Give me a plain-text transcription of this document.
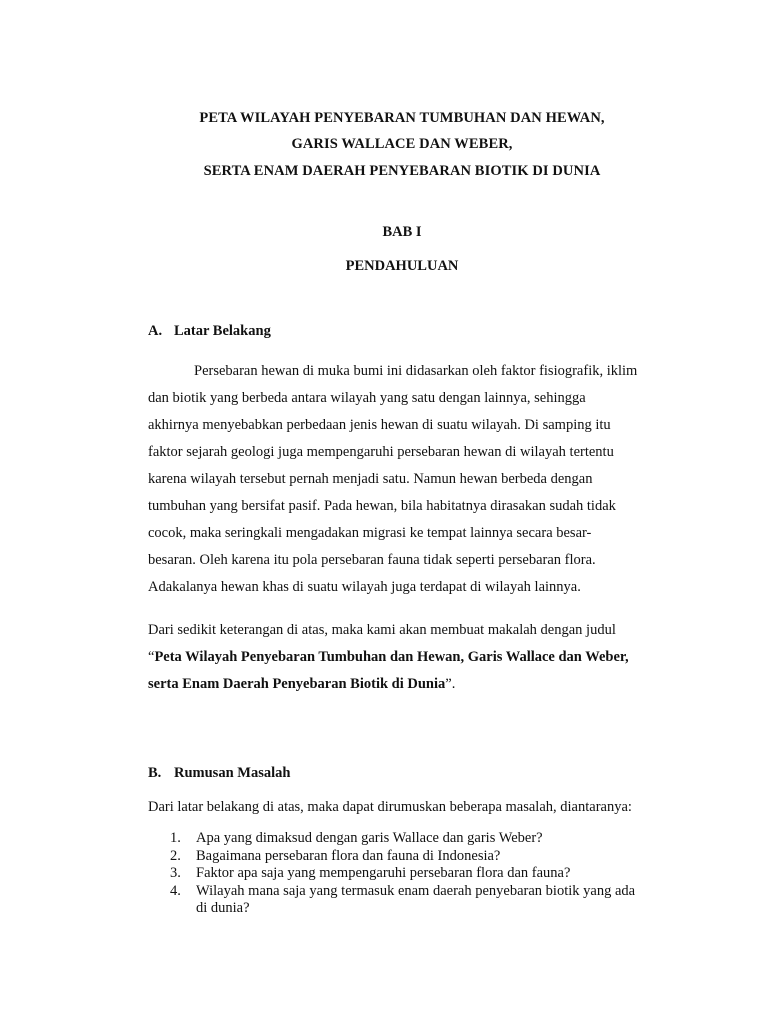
PETA WILAYAH PENYEBARAN TUMBUHAN DAN HEWAN,
GARIS WALLACE DAN WEBER,
SERTA ENAM DAERAH PENYEBARAN BIOTIK DI DUNIA
BAB I
PENDAHULUAN
A. Latar Belakang
Persebaran hewan di muka bumi ini didasarkan oleh faktor fisiografik, iklim
dan biotik yang berbeda antara wilayah yang satu dengan lainnya, sehingga
akhirnya menyebabkan perbedaan jenis hewan di suatu wilayah. Di samping itu
faktor sejarah geologi juga mempengaruhi persebaran hewan di wilayah tertentu
karena wilayah tersebut pernah menjadi satu. Namun hewan berbeda dengan
tumbuhan yang bersifat pasif. Pada hewan, bila habitatnya dirasakan sudah tidak
cocok, maka seringkali mengadakan migrasi ke tempat lainnya secara besar-
besaran. Oleh karena itu pola persebaran fauna tidak seperti persebaran flora.
Adakalanya hewan khas di suatu wilayah juga terdapat di wilayah lainnya.
Dari sedikit keterangan di atas, maka kami akan membuat makalah dengan judul
“Peta Wilayah Penyebaran Tumbuhan dan Hewan, Garis Wallace dan Weber,
serta Enam Daerah Penyebaran Biotik di Dunia”.
B. Rumusan Masalah
Dari latar belakang di atas, maka dapat dirumuskan beberapa masalah, diantaranya:
1. Apa yang dimaksud dengan garis Wallace dan garis Weber?
2. Bagaimana persebaran flora dan fauna di Indonesia?
3. Faktor apa saja yang mempengaruhi persebaran flora dan fauna?
4. Wilayah mana saja yang termasuk enam daerah penyebaran biotik yang ada
di dunia?
